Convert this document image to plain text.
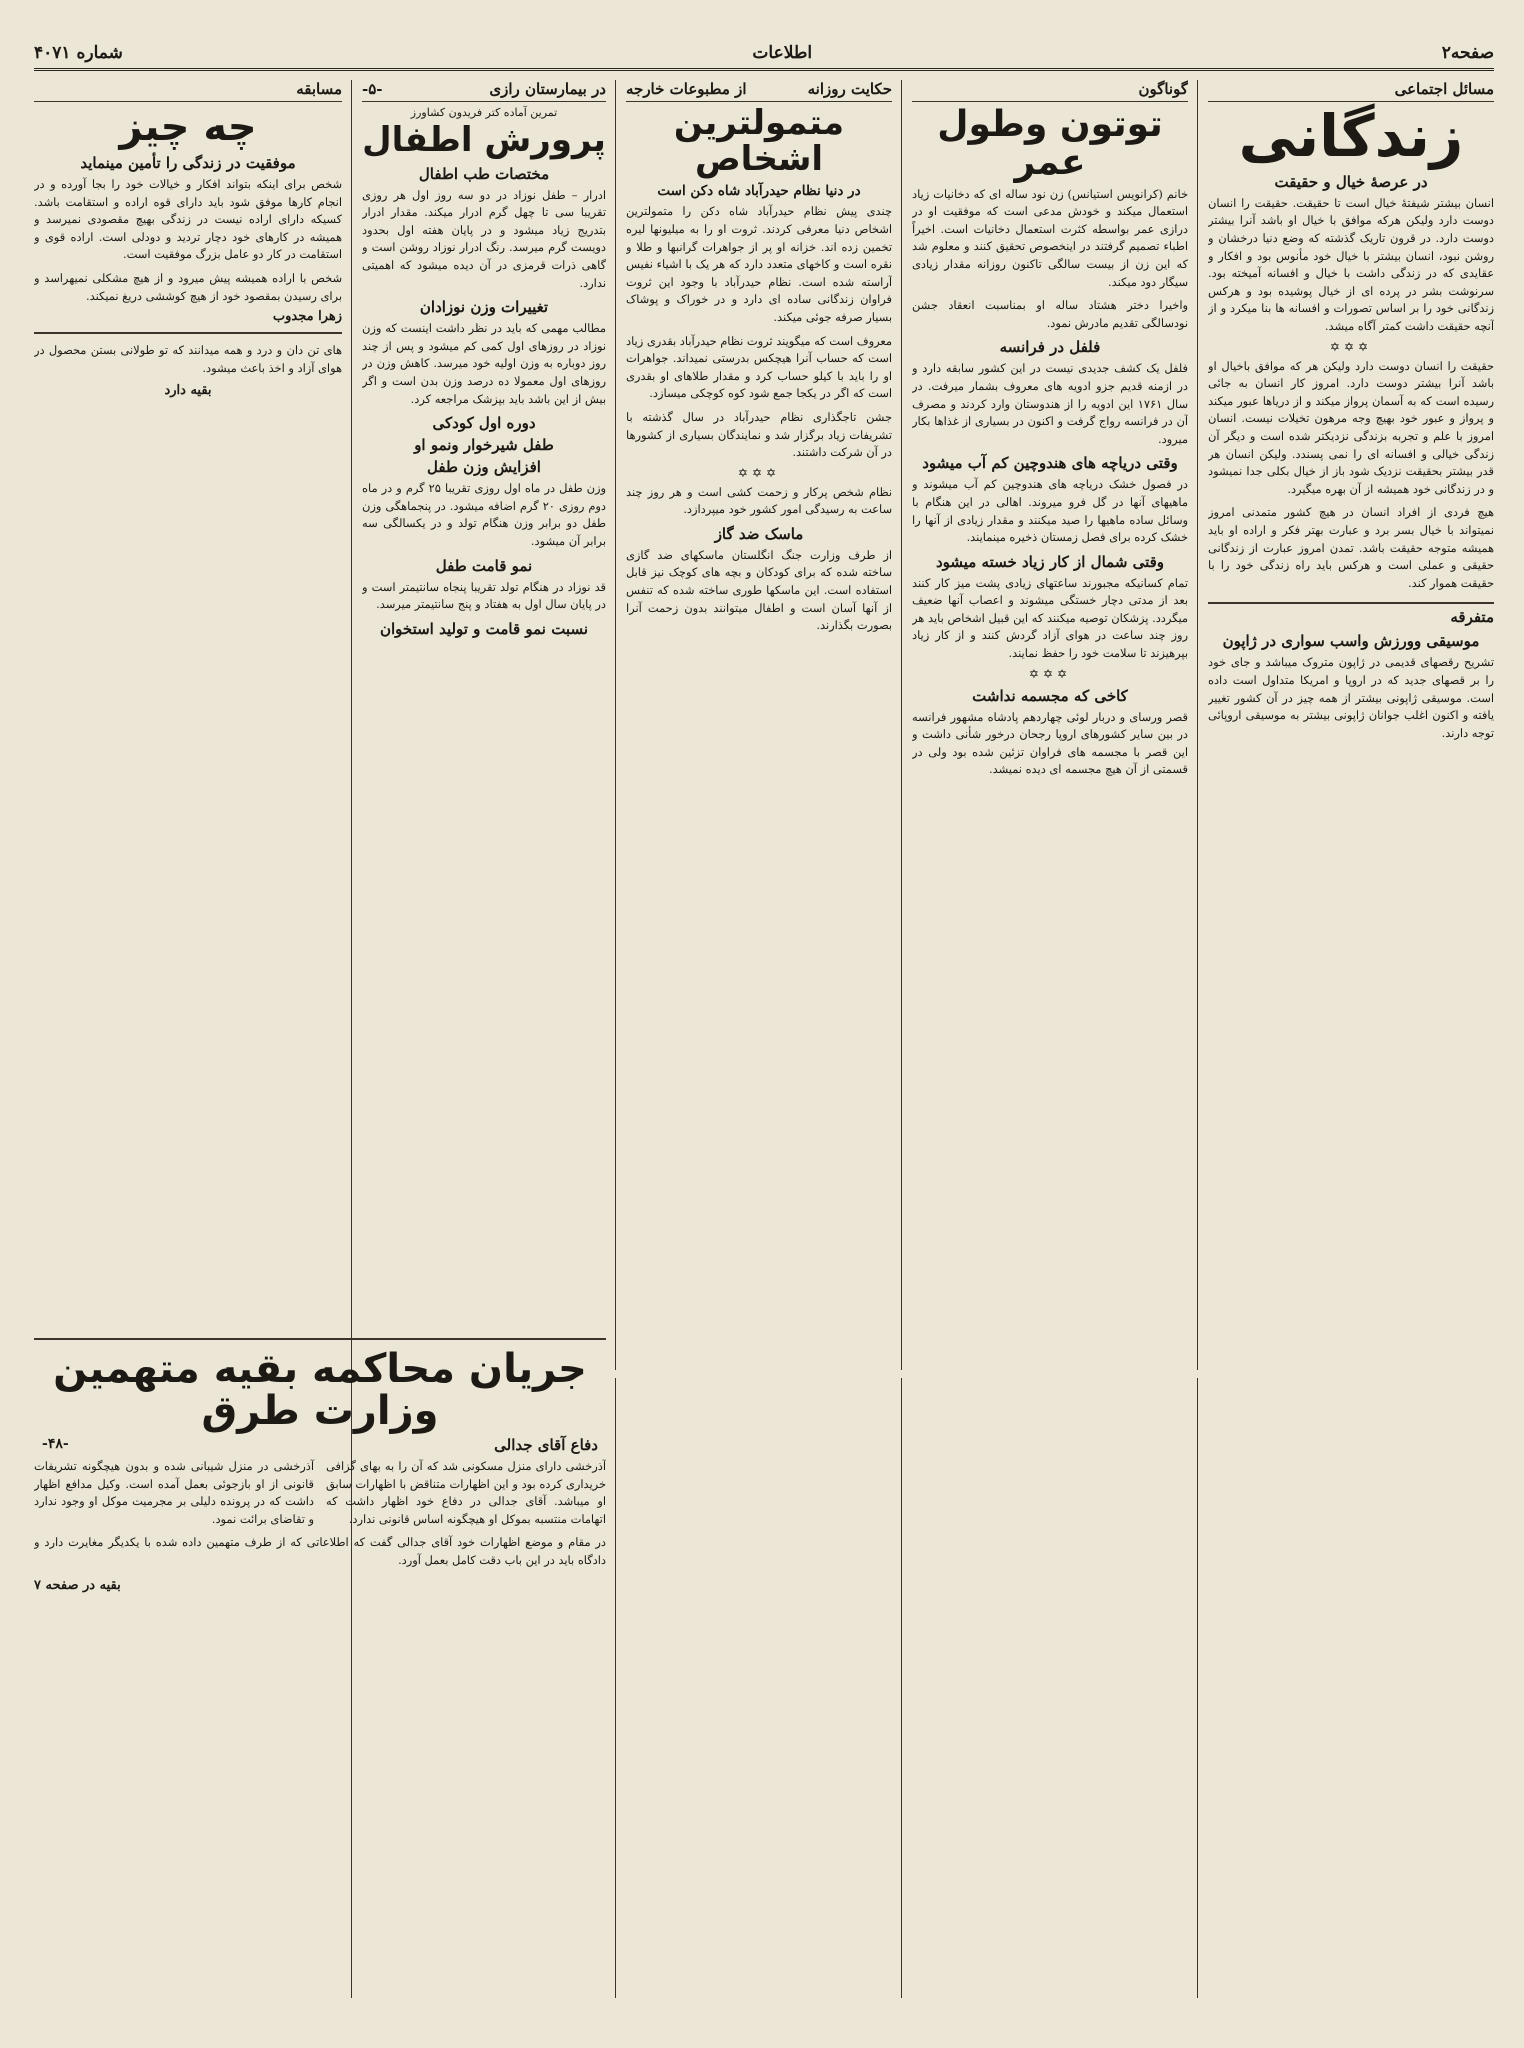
صفحه۲
اطلاعات
شماره ۴۰۷۱
مسائل اجتماعی
زندگانی
در عرصهٔ خیال و حقیقت
انسان بیشتر شیفتهٔ خیال است تا حقیقت. حقیقت را انسان دوست دارد ولیکن هرکه موافق با خیال او باشد آنرا بیشتر دوست دارد. در قرون تاریک گذشته که وضع دنیا درخشان و روشن نبود، انسان بیشتر با خیال خود مأنوس بود و افکار و عقایدی که در زندگی داشت با خیال و افسانه آمیخته بود. سرنوشت بشر در پرده ای از خیال پوشیده بود و هرکس زندگانی خود را بر اساس تصورات و افسانه ها بنا میکرد و از آنچه حقیقت داشت کمتر آگاه میشد.
✡✡✡
حقیقت را انسان دوست دارد ولیکن هر که موافق باخیال او باشد آنرا بیشتر دوست دارد. امروز کار انسان به جائی رسیده است که به آسمان پرواز میکند و از دریاها عبور میکند و پرواز و عبور خود بهیچ وجه مرهون تخیلات نیست. انسان امروز با علم و تجربه بزندگی نزدیکتر شده است و دیگر آن زندگی خیالی و افسانه ای را نمی پسندد. ولیکن انسان هر قدر بیشتر بحقیقت نزدیک شود باز از خیال بکلی جدا نمیشود و در زندگانی خود همیشه از آن بهره میگیرد.
هیچ فردی از افراد انسان در هیچ کشور متمدنی امروز نمیتواند با خیال بسر برد و عبارت بهتر فکر و اراده او باید همیشه متوجه حقیقت باشد. تمدن امروز عبارت از زندگانی حقیقی و عملی است و هرکس باید راه زندگی خود را با حقیقت هموار کند.
متفرقه
موسیقی وورزش واسب سواری در ژاپون
تشریح رقصهای قدیمی در ژاپون متروک میباشد و جای خود را بر قصهای جدید که در اروپا و امریکا متداول است داده است. موسیقی ژاپونی بیشتر از همه چیز در آن کشور تغییر یافته و اکنون اغلب جوانان ژاپونی بیشتر به موسیقی اروپائی توجه دارند.
گوناگون
توتون وطول عمر
خانم (کرانویس استیانس) زن نود ساله ای که دخانیات زیاد استعمال میکند و خودش مدعی است که موفقیت او در درازی عمر بواسطه کثرت استعمال دخانیات است. اخیراً اطباء تصمیم گرفتند در اینخصوص تحقیق کنند و معلوم شد که این زن از بیست سالگی تاکنون روزانه مقدار زیادی سیگار دود میکند.
واخیرا دختر هشتاد ساله او بمناسبت انعقاد جشن نودسالگی تقدیم مادرش نمود.
فلفل در فرانسه
فلفل یک کشف جدیدی نیست در این کشور سابقه دارد و در ازمنه قدیم جزو ادویه های معروف بشمار میرفت. در سال ۱۷۶۱ این ادویه را از هندوستان وارد کردند و مصرف آن در فرانسه رواج گرفت و اکنون در بسیاری از غذاها بکار میرود.
وقتی دریاچه های هندوچین کم آب میشود
در فصول خشک دریاچه های هندوچین کم آب میشوند و ماهیهای آنها در گل فرو میروند. اهالی در این هنگام با وسائل ساده ماهیها را صید میکنند و مقدار زیادی از آنها را خشک کرده برای فصل زمستان ذخیره مینمایند.
وقتی شمال از کار زیاد خسته میشود
تمام کسانیکه مجبورند ساعتهای زیادی پشت میز کار کنند بعد از مدتی دچار خستگی میشوند و اعصاب آنها ضعیف میگردد. پزشکان توصیه میکنند که این قبیل اشخاص باید هر روز چند ساعت در هوای آزاد گردش کنند و از کار زیاد بپرهیزند تا سلامت خود را حفظ نمایند.
✡✡✡
کاخی که مجسمه نداشت
قصر ورسای و دربار لوئی چهاردهم پادشاه مشهور فرانسه در بین سایر کشورهای اروپا رجحان درخور شأنی داشت و این قصر با مجسمه های فراوان تزئین شده بود ولی در قسمتی از آن هیچ مجسمه ای دیده نمیشد.
حکایت روزانه
از مطبوعات خارجه
متمولترین اشخاص
در دنیا نظام حیدرآباد شاه دکن است
چندی پیش نظام حیدرآباد شاه دکن را متمولترین اشخاص دنیا معرفی کردند. ثروت او را به میلیونها لیره تخمین زده اند. خزانه او پر از جواهرات گرانبها و طلا و نقره است و کاخهای متعدد دارد که هر یک با اشیاء نفیس آراسته شده است. نظام حیدرآباد با وجود این ثروت فراوان زندگانی ساده ای دارد و در خوراک و پوشاک بسیار صرفه جوئی میکند.
معروف است که میگویند ثروت نظام حیدرآباد بقدری زیاد است که حساب آنرا هیچکس بدرستی نمیداند. جواهرات او را باید با کیلو حساب کرد و مقدار طلاهای او بقدری است که اگر در یکجا جمع شود کوه کوچکی میسازد.
جشن تاجگذاری نظام حیدرآباد در سال گذشته با تشریفات زیاد برگزار شد و نمایندگان بسیاری از کشورها در آن شرکت داشتند.
✡✡✡
نظام شخص پرکار و زحمت کشی است و هر روز چند ساعت به رسیدگی امور کشور خود میپردازد.
ماسک ضد گاز
از طرف وزارت جنگ انگلستان ماسکهای ضد گازی ساخته شده که برای کودکان و بچه های کوچک نیز قابل استفاده است. این ماسکها طوری ساخته شده که تنفس از آنها آسان است و اطفال میتوانند بدون زحمت آنرا بصورت بگذارند.
در بیمارستان رازی
-۵-
تمرین آماده کتر فریدون کشاورز
پرورش اطفال
مختصات طب اطفال
ادرار – طفل نوزاد در دو سه روز اول هر روزی تقریبا سی تا چهل گرم ادرار میکند. مقدار ادرار بتدریج زیاد میشود و در پایان هفته اول بحدود دویست گرم میرسد. رنگ ادرار نوزاد روشن است و گاهی ذرات قرمزی در آن دیده میشود که اهمیتی ندارد.
تغییرات وزن نوزادان
مطالب مهمی که باید در نظر داشت اینست که وزن نوزاد در روزهای اول کمی کم میشود و پس از چند روز دوباره به وزن اولیه خود میرسد. کاهش وزن در روزهای اول معمولا ده درصد وزن بدن است و اگر بیش از این باشد باید بپزشک مراجعه کرد.
دوره اول کودکی
طفل شیرخوار ونمو او
افزایش وزن طفل
وزن طفل در ماه اول روزی تقریبا ۲۵ گرم و در ماه دوم روزی ۲۰ گرم اضافه میشود. در پنجماهگی وزن طفل دو برابر وزن هنگام تولد و در یکسالگی سه برابر آن میشود.
نمو قامت طفل
قد نوزاد در هنگام تولد تقریبا پنجاه سانتیمتر است و در پایان سال اول به هفتاد و پنج سانتیمتر میرسد.
نسبت نمو قامت و تولید استخوان
مسابقه
چه چیز
موفقیت در زندگی را تأمین مینماید
شخص برای اینکه بتواند افکار و خیالات خود را بجا آورده و در انجام کارها موفق شود باید دارای قوه اراده و استقامت باشد. کسیکه دارای اراده نیست در زندگی بهیچ مقصودی نمیرسد و همیشه در کارهای خود دچار تردید و دودلی است. اراده قوی و استقامت در کار دو عامل بزرگ موفقیت است.
شخص با اراده همیشه پیش میرود و از هیچ مشکلی نمیهراسد و برای رسیدن بمقصود خود از هیچ کوششی دریغ نمیکند.
زهرا مجدوب
های تن دان و درد و همه میدانند که تو طولانی بستن محصول در هوای آزاد و اخذ باعث میشود.
بقیه دارد
جریان محاکمه بقیه متهمین وزارت طرق
دفاع آقای جدالی
-۴۸-
آذرخشی دارای منزل مسکونی شد که آن را به بهای گزافی خریداری کرده بود و این اظهارات متناقض با اظهارات سابق او میباشد. آقای جدالی در دفاع خود اظهار داشت که اتهامات منتسبه بموکل او هیچگونه اساس قانونی ندارد.
آذرخشی در منزل شیبانی شده و بدون هیچگونه تشریفات قانونی از او بازجوئی بعمل آمده است. وکیل مدافع اظهار داشت که در پرونده دلیلی بر مجرمیت موکل او وجود ندارد و تقاضای برائت نمود.
در مقام و موضع اظهارات خود آقای جدالی گفت که اطلاعاتی که از طرف متهمین داده شده با یکدیگر مغایرت دارد و دادگاه باید در این باب دقت کامل بعمل آورد.
بقیه در صفحه ۷
